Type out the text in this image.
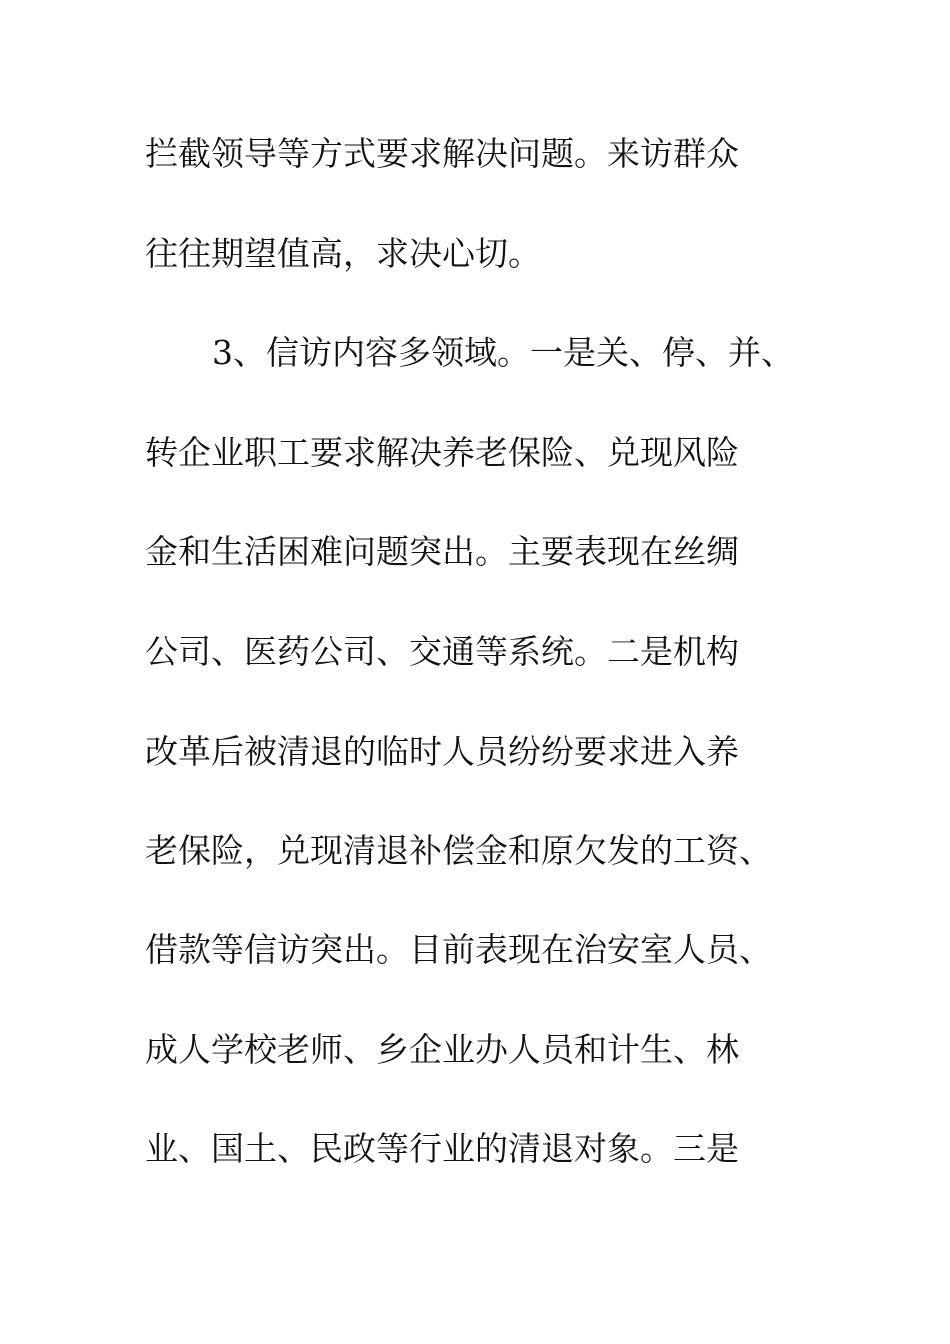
拦截领导等方式要求解决问题。来访群众

往往期望值高，求决心切。

3、信访内容多领域。一是关、停、并、

转企业职工要求解决养老保险、兑现风险

金和生活困难问题突出。主要表现在丝绸

公司、医药公司、交通等系统。二是机构

改革后被清退的临时人员纷纷要求进入养

老保险，兑现清退补偿金和原欠发的工资、

借款等信访突出。目前表现在治安室人员、

成人学校老师、乡企业办人员和计生、林

业、国土、民政等行业的清退对象。三是
